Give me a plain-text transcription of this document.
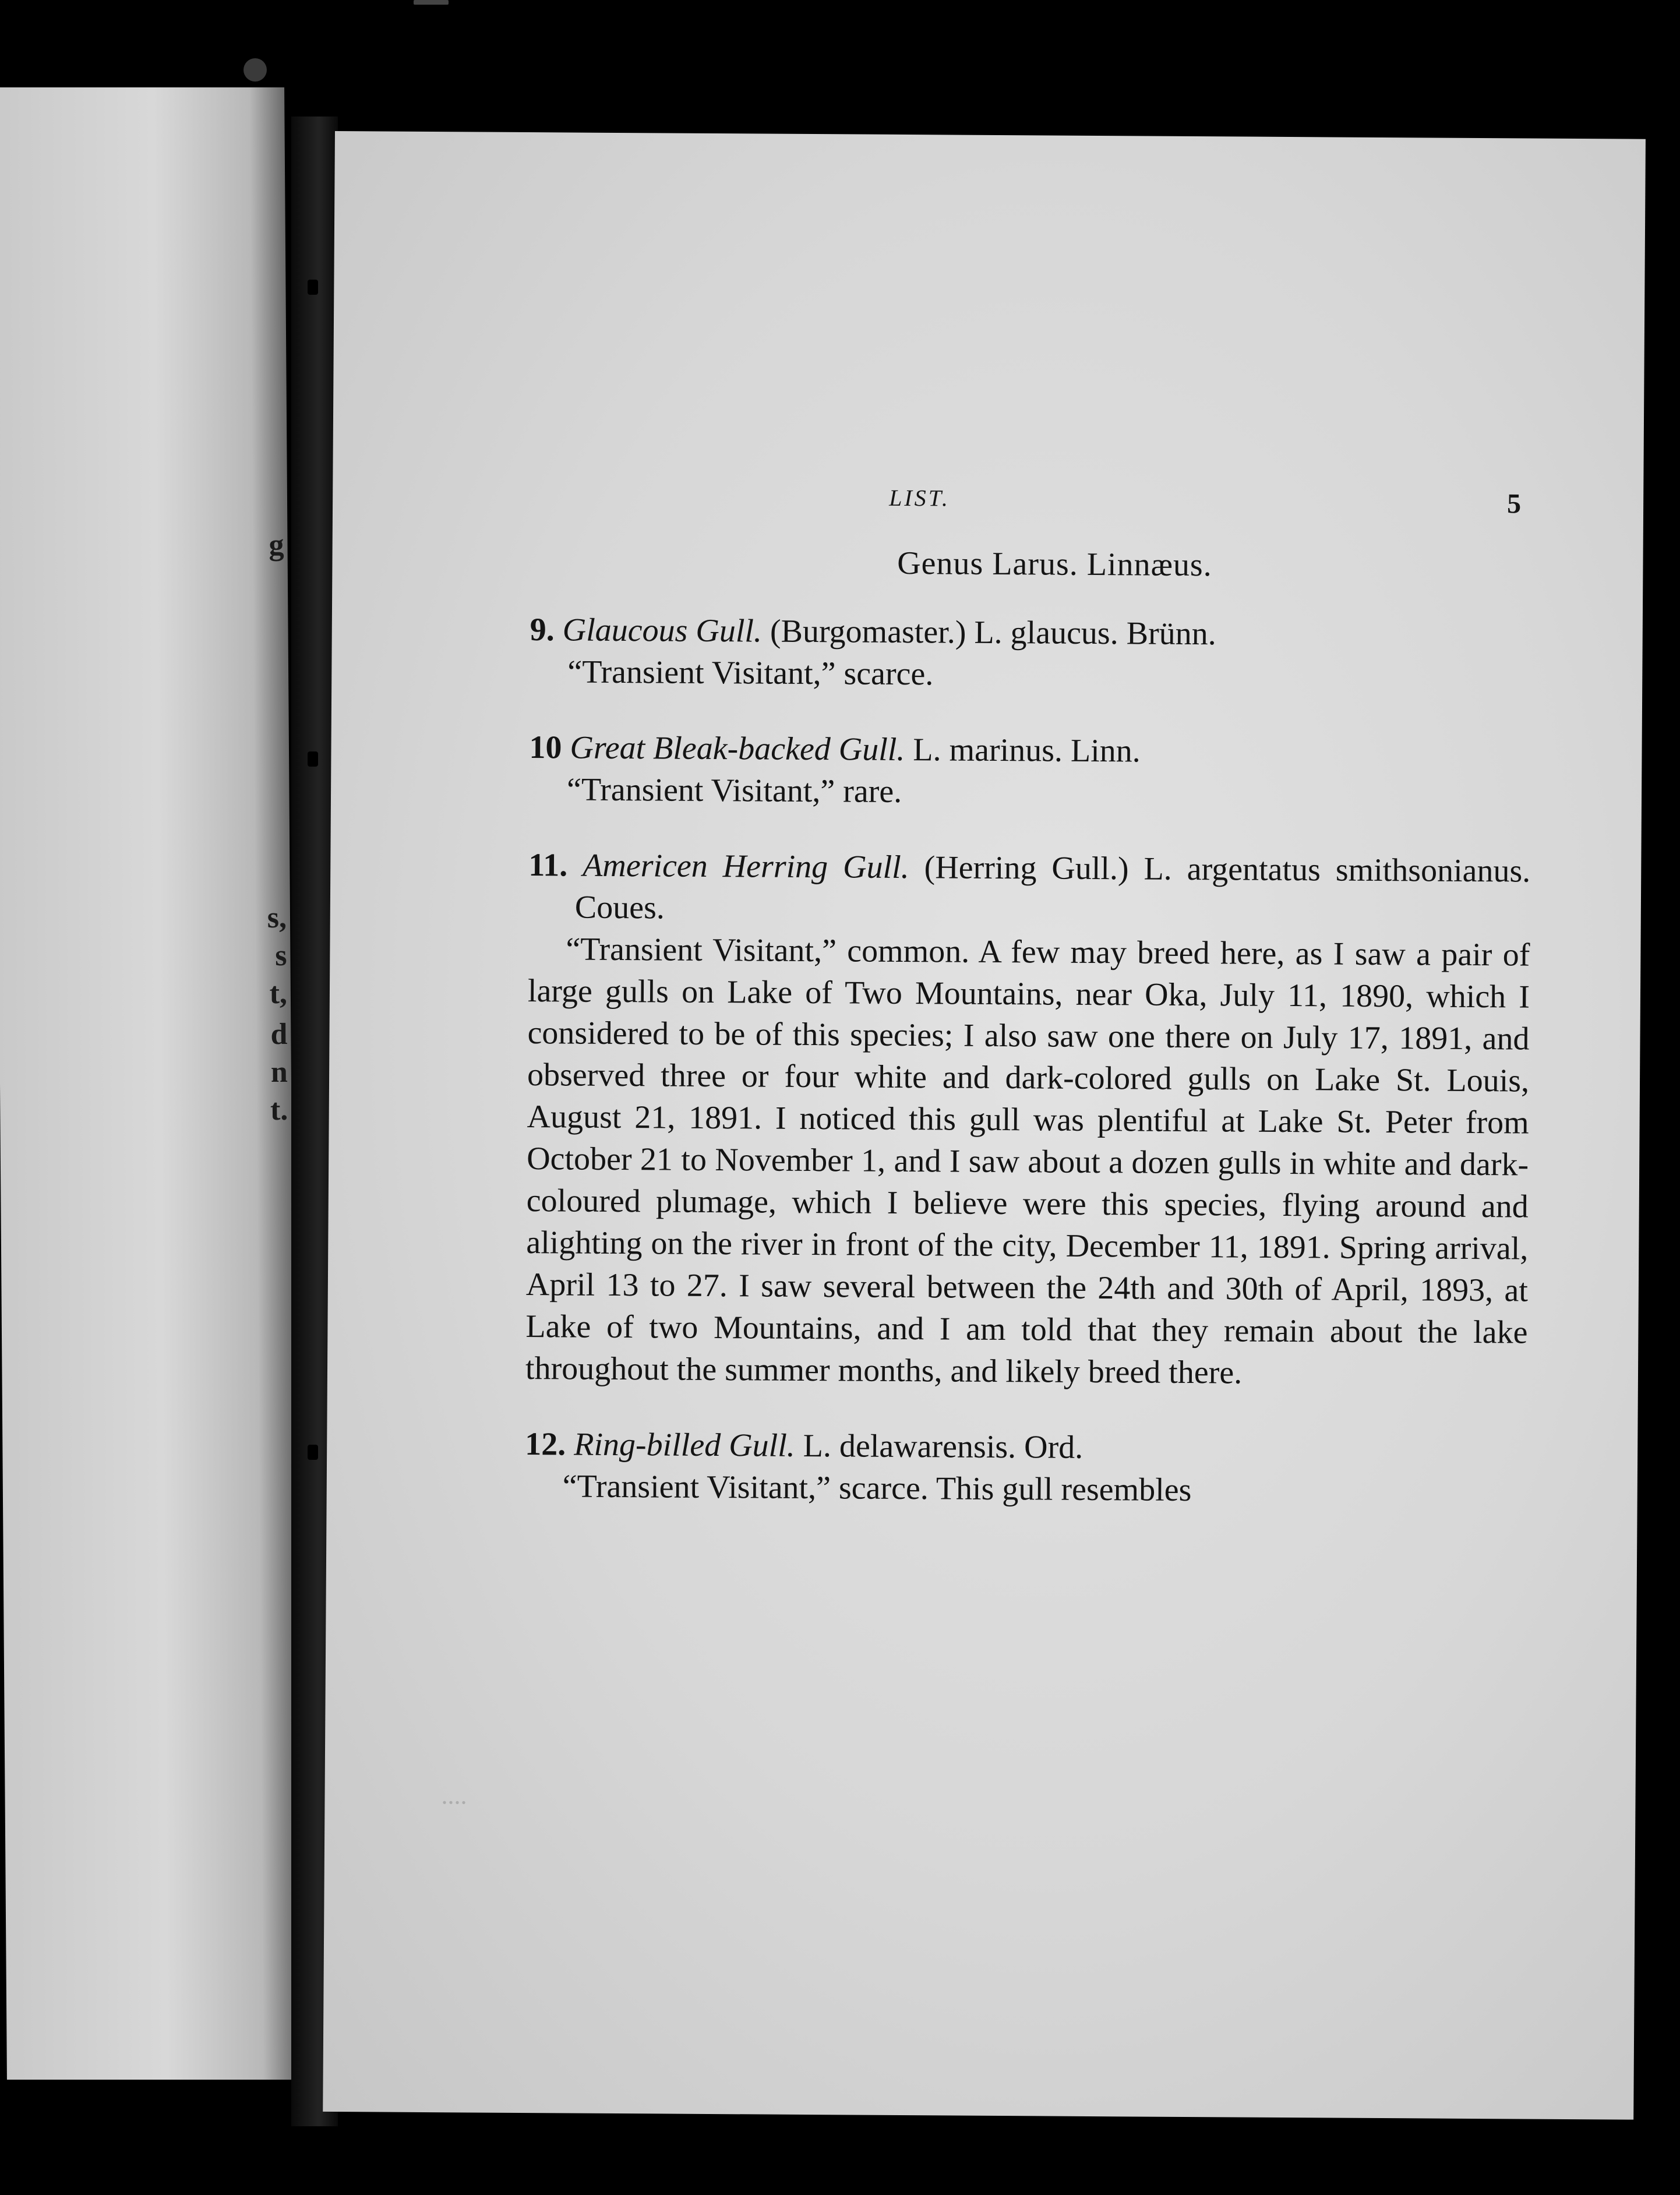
g
s,
s
t,
d
n
t.
....
LIST.	5
Genus Larus. Linnæus.
9. Glaucous Gull. (Burgomaster.) L. glaucus. Brünn.
“Transient Visitant,” scarce.
10 Great Bleak-backed Gull. L. marinus. Linn.
“Transient Visitant,” rare.
11. Americen Herring Gull. (Herring Gull.) L. argentatus smithsonianus. Coues.
“Transient Visitant,” common. A few may breed here, as I saw a pair of large gulls on Lake of Two Mountains, near Oka, July 11, 1890, which I considered to be of this species; I also saw one there on July 17, 1891, and observed three or four white and dark-colored gulls on Lake St. Louis, August 21, 1891. I noticed this gull was plentiful at Lake St. Peter from October 21 to November 1, and I saw about a dozen gulls in white and dark-coloured plumage, which I believe were this species, flying around and alighting on the river in front of the city, December 11, 1891. Spring arrival, April 13 to 27. I saw several between the 24th and 30th of April, 1893, at Lake of two Mountains, and I am told that they remain about the lake throughout the summer months, and likely breed there.
12. Ring-billed Gull. L. delawarensis. Ord.
“Transient Visitant,” scarce. This gull resembles
